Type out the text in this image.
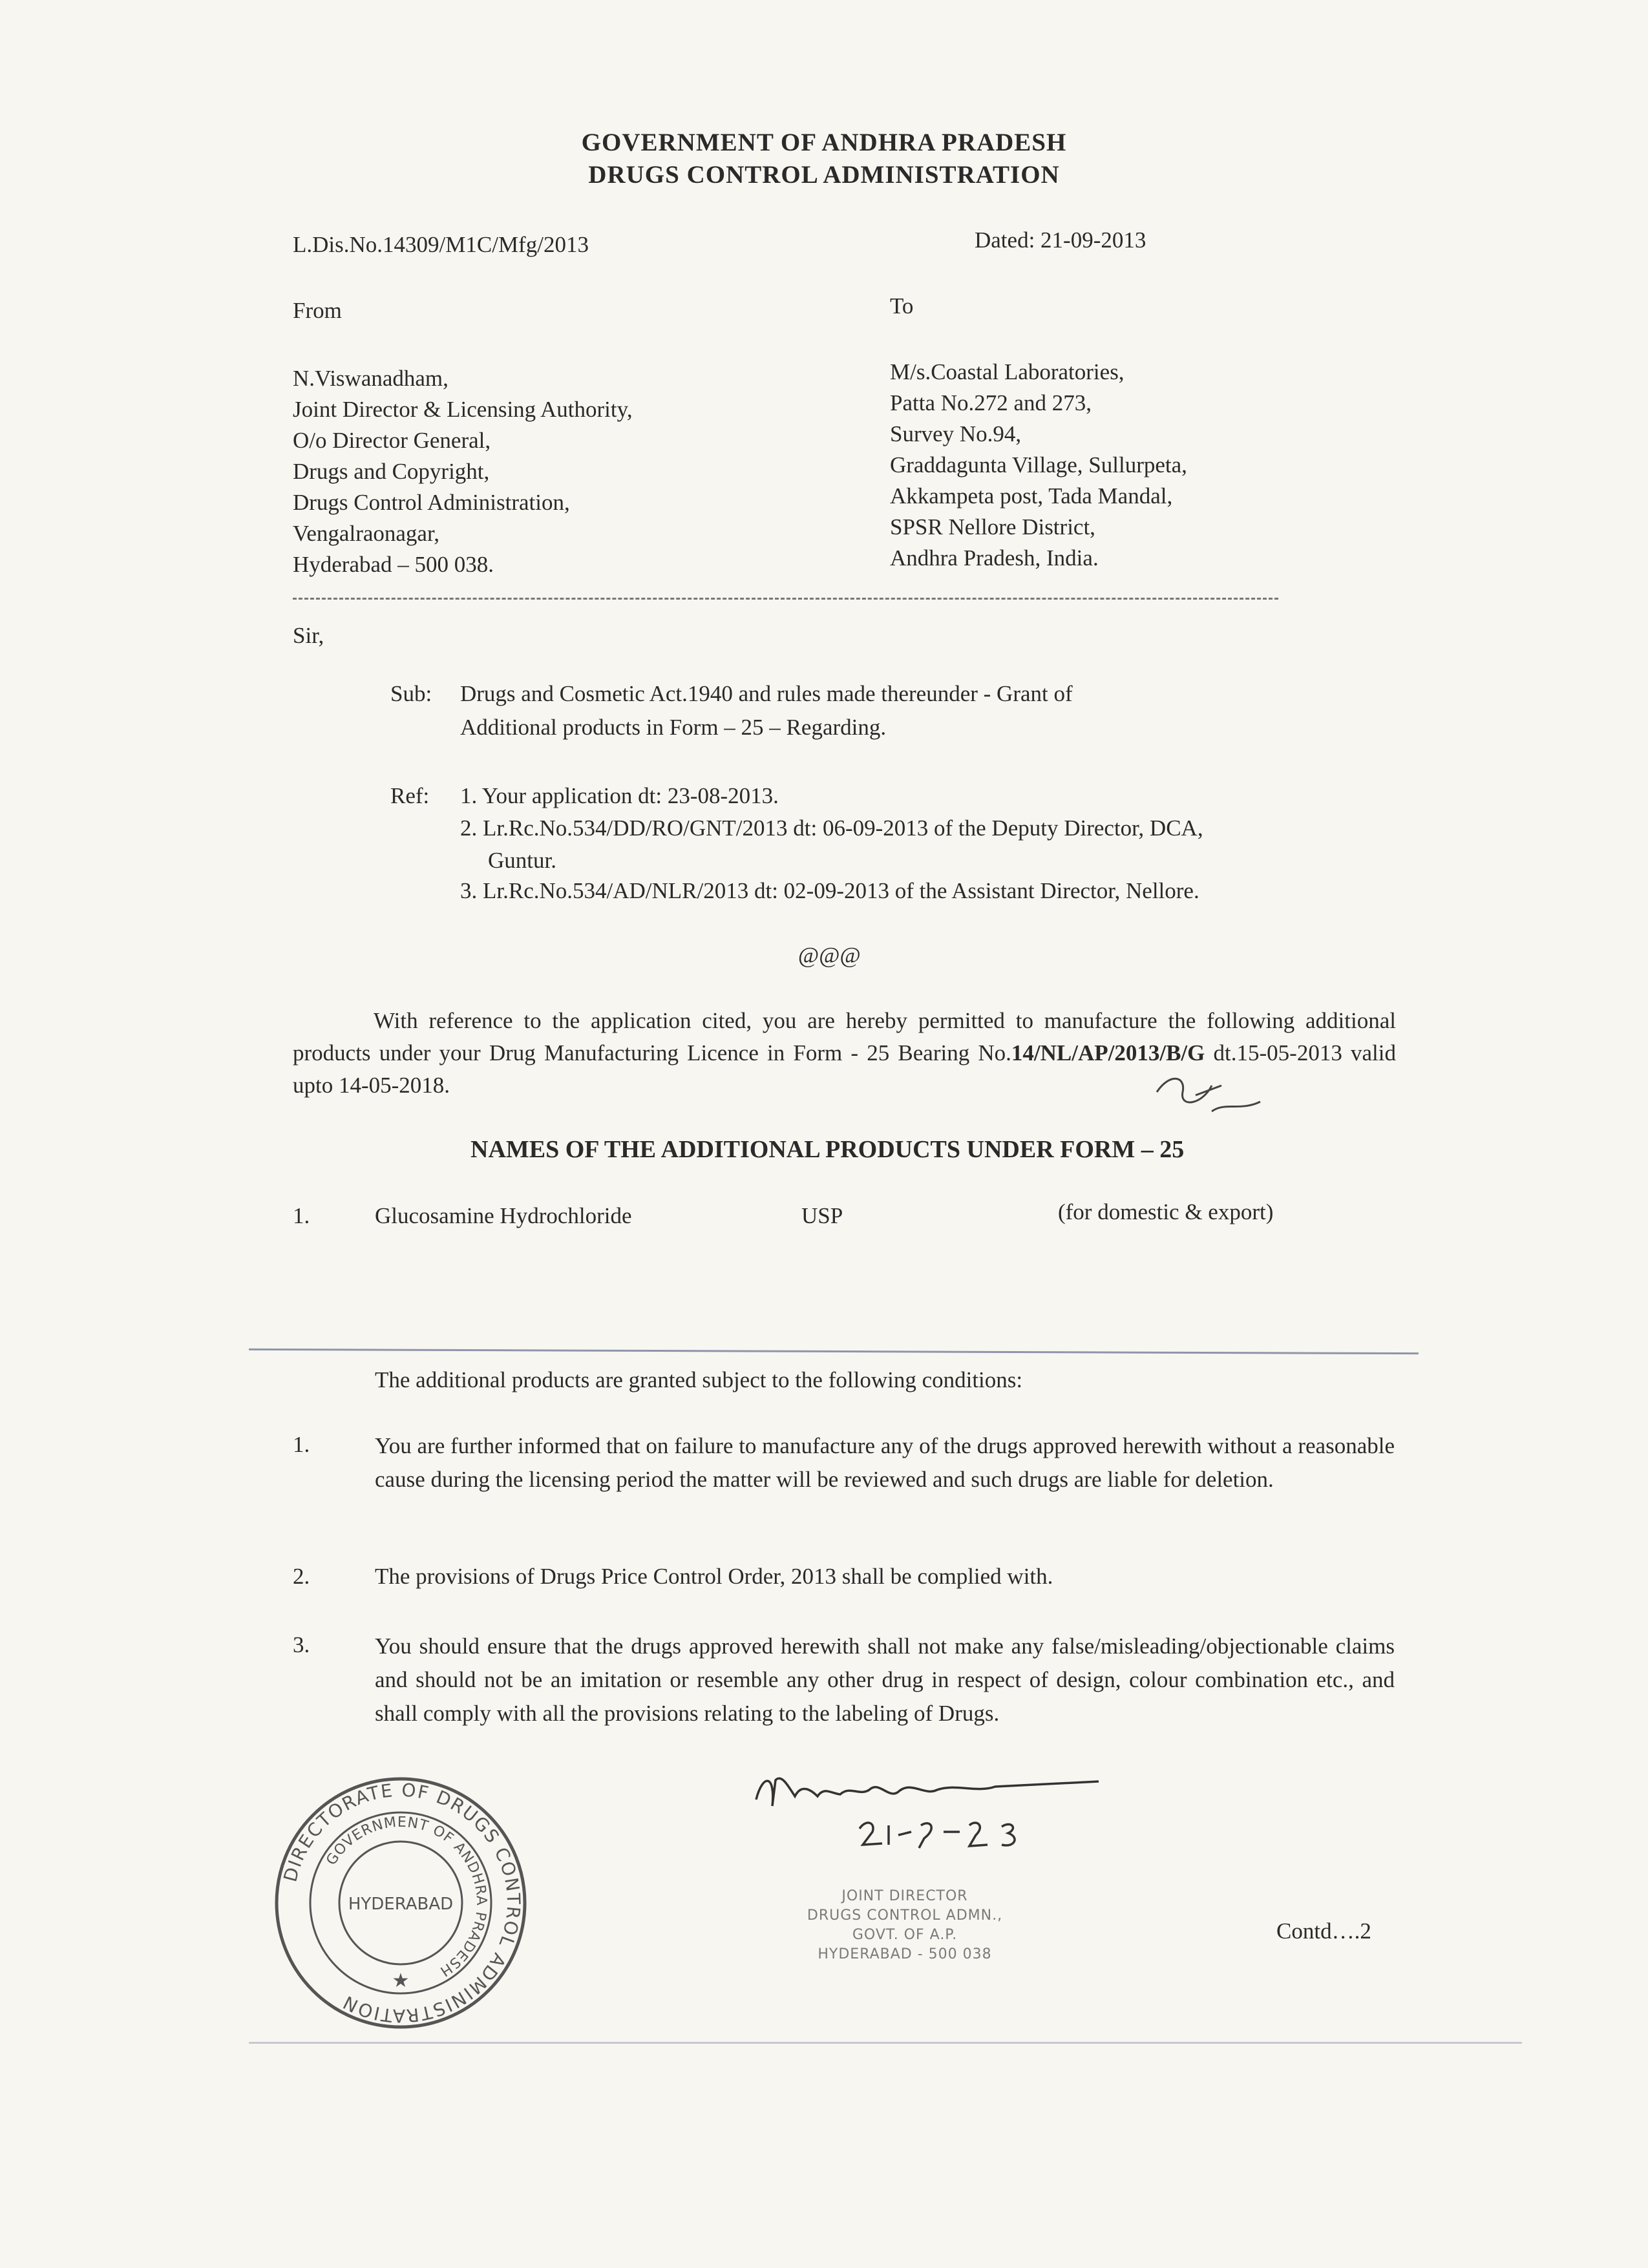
GOVERNMENT OF ANDHRA PRADESH
DRUGS CONTROL ADMINISTRATION
L.Dis.No.14309/M1C/Mfg/2013	Dated: 21-09-2013
From	To
N.Viswanadham,
Joint Director & Licensing Authority,
O/o Director General,
Drugs and Copyright,
Drugs Control Administration,
Vengalraonagar,
Hyderabad – 500 038.
M/s.Coastal Laboratories,
Patta No.272 and 273,
Survey No.94,
Graddagunta Village, Sullurpeta,
Akkampeta post, Tada Mandal,
SPSR Nellore District,
Andhra Pradesh, India.
Sir,
Sub: Drugs and Cosmetic Act.1940 and rules made thereunder - Grant of
Additional products in Form – 25 – Regarding.
Ref: 1. Your application dt: 23-08-2013.
2. Lr.Rc.No.534/DD/RO/GNT/2013 dt: 06-09-2013 of the Deputy Director, DCA,
Guntur.
3. Lr.Rc.No.534/AD/NLR/2013 dt: 02-09-2013 of the Assistant Director, Nellore.
@@@
With reference to the application cited, you are hereby permitted to manufacture the following additional products under your Drug Manufacturing Licence in Form - 25 Bearing No.14/NL/AP/2013/B/G dt.15-05-2013 valid upto 14-05-2018.
NAMES OF THE ADDITIONAL PRODUCTS UNDER FORM – 25
1.	Glucosamine Hydrochloride	USP	(for domestic & export)
The additional products are granted subject to the following conditions:
1.	You are further informed that on failure to manufacture any of the drugs approved herewith without a reasonable cause during the licensing period the matter will be reviewed and such drugs are liable for deletion.
2.	The provisions of Drugs Price Control Order, 2013 shall be complied with.
3.	You should ensure that the drugs approved herewith shall not make any false/misleading/objectionable claims and should not be an imitation or resemble any other drug in respect of design, colour combination etc., and shall comply with all the provisions relating to the labeling of Drugs.
DIRECTORATE OF DRUGS CONTROL ADMINISTRATION
GOVERNMENT OF ANDHRA PRADESH
HYDERABAD
★
JOINT DIRECTOR
DRUGS CONTROL ADMN.,
GOVT. OF A.P.
HYDERABAD - 500 038
Contd….2
